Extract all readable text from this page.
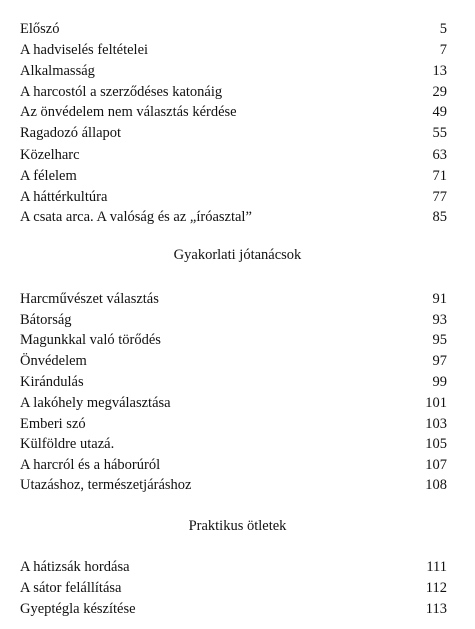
Előszó	5
A hadviselés feltételei	7
Alkalmasság	13
A harcostól a szerződéses katonáig	29
Az önvédelem nem választás kérdése	49
Ragadozó állapot	55
Közelharc	63
A félelem	71
A háttérkultúra	77
A csata arca. A valóság és az „íróasztal”	85
Gyakorlati jótanácsok
Harcművészet választás	91
Bátorság	93
Magunkkal való törődés	95
Önvédelem	97
Kirándulás	99
A lakóhely megválasztása	101
Emberi szó	103
Külföldre utazá.	105
A harcról és a háborúról	107
Utazáshoz, természetjáráshoz	108
Praktikus ötletek
A hátizsák hordása	111
A sátor felállítása	112
Gyeptégla készítése	113
